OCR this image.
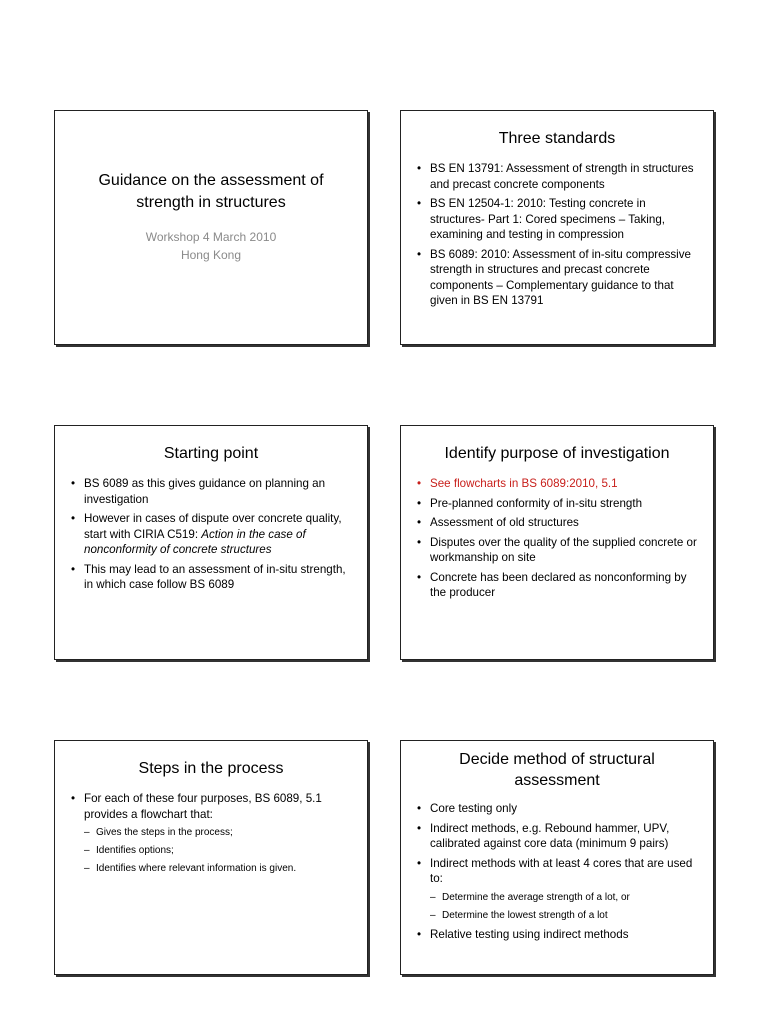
Guidance on the assessment of strength in structures
Workshop 4 March 2010
Hong Kong
Three standards
• BS EN 13791: Assessment of strength in structures and precast concrete components
• BS EN 12504-1: 2010: Testing concrete in structures- Part 1: Cored specimens – Taking, examining and testing in compression
• BS 6089: 2010: Assessment of in-situ compressive strength in structures and precast concrete components – Complementary guidance to that given in BS EN 13791
Starting point
• BS 6089 as this gives guidance on planning an investigation
• However in cases of dispute over concrete quality, start with CIRIA C519: Action in the case of nonconformity of concrete structures
• This may lead to an assessment of in-situ strength, in which case follow BS 6089
Identify purpose of investigation
• See flowcharts in BS 6089:2010, 5.1
• Pre-planned conformity of in-situ strength
• Assessment of old structures
• Disputes over the quality of the supplied concrete or workmanship on site
• Concrete has been declared as nonconforming by the producer
Steps in the process
• For each of these four purposes, BS 6089, 5.1 provides a flowchart that:
– Gives the steps in the process;
– Identifies options;
– Identifies where relevant information is given.
Decide method of structural assessment
• Core testing only
• Indirect methods, e.g. Rebound hammer, UPV, calibrated against core data (minimum 9 pairs)
• Indirect methods with at least 4 cores that are used to:
– Determine the average strength of a lot, or
– Determine the lowest strength of a lot
• Relative testing using indirect methods
